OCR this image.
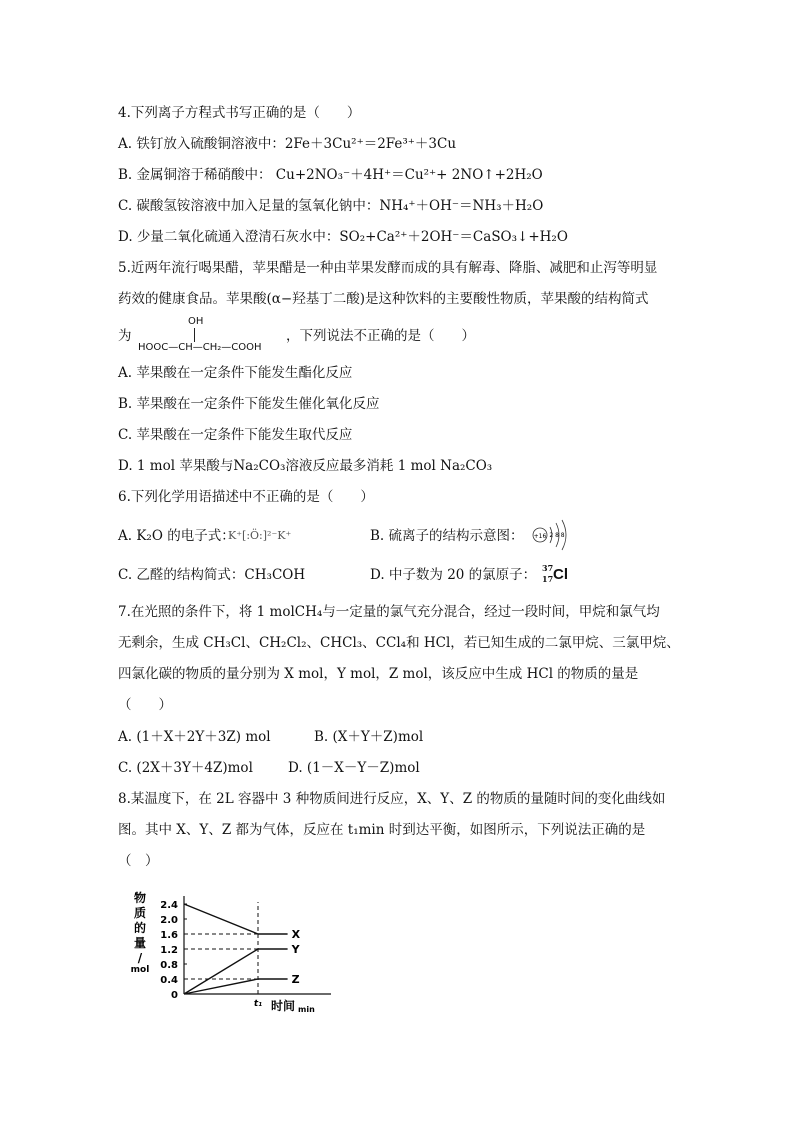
4.下列离子方程式书写正确的是（　　）
A. 铁钉放入硫酸铜溶液中：2Fe＋3Cu²⁺＝2Fe³⁺＋3Cu
B. 金属铜溶于稀硝酸中： Cu+2NO₃⁻＋4H⁺＝Cu²⁺+ 2NO↑+2H₂O
C. 碳酸氢铵溶液中加入足量的氢氧化钠中：NH₄⁺＋OH⁻＝NH₃＋H₂O
D. 少量二氧化硫通入澄清石灰水中：SO₂+Ca²⁺＋2OH⁻＝CaSO₃↓+H₂O
5.近两年流行喝果醋，苹果醋是一种由苹果发酵而成的具有解毒、降脂、减肥和止泻等明显
药效的健康食品。苹果酸(α−羟基丁二酸)是这种饮料的主要酸性物质，苹果酸的结构简式
为
OH
HOOC—CH—CH₂—COOH
，下列说法不正确的是（　　）
A. 苹果酸在一定条件下能发生酯化反应
B. 苹果酸在一定条件下能发生催化氧化反应
C. 苹果酸在一定条件下能发生取代反应
D. 1 mol 苹果酸与Na₂CO₃溶液反应最多消耗 1 mol Na₂CO₃
6.下列化学用语描述中不正确的是（　　）
A. K₂O 的电子式：
K⁺[:Ö:]²⁻K⁺	B. 硫离子的结构示意图： +16 2 8 8
C. 乙醛的结构简式：CH₃COH	D. 中子数为 20 的氯原子： 37
17 Cl
7.在光照的条件下，将 1 molCH₄与一定量的氯气充分混合，经过一段时间，甲烷和氯气均
无剩余，生成 CH₃Cl、CH₂Cl₂、CHCl₃、CCl₄和 HCl，若已知生成的二氯甲烷、三氯甲烷、
四氯化碳的物质的量分别为 X mol，Y mol，Z mol，该反应中生成 HCl 的物质的量是
（　　）
A. (1＋X＋2Y＋3Z) mol	B. (X＋Y＋Z)mol
C. (2X＋3Y＋4Z)mol	D. (1－X－Y－Z)mol
8.某温度下，在 2L 容器中 3 种物质间进行反应，X、Y、Z 的物质的量随时间的变化曲线如
图。其中 X、Y、Z 都为气体，反应在 t₁min 时到达平衡，如图所示，下列说法正确的是
（　）
物
质
的
量
/
mol
0
0.4
0.8
1.2
1.6
2.0
2.4
t₁ 时间 min
X
Y
Z
